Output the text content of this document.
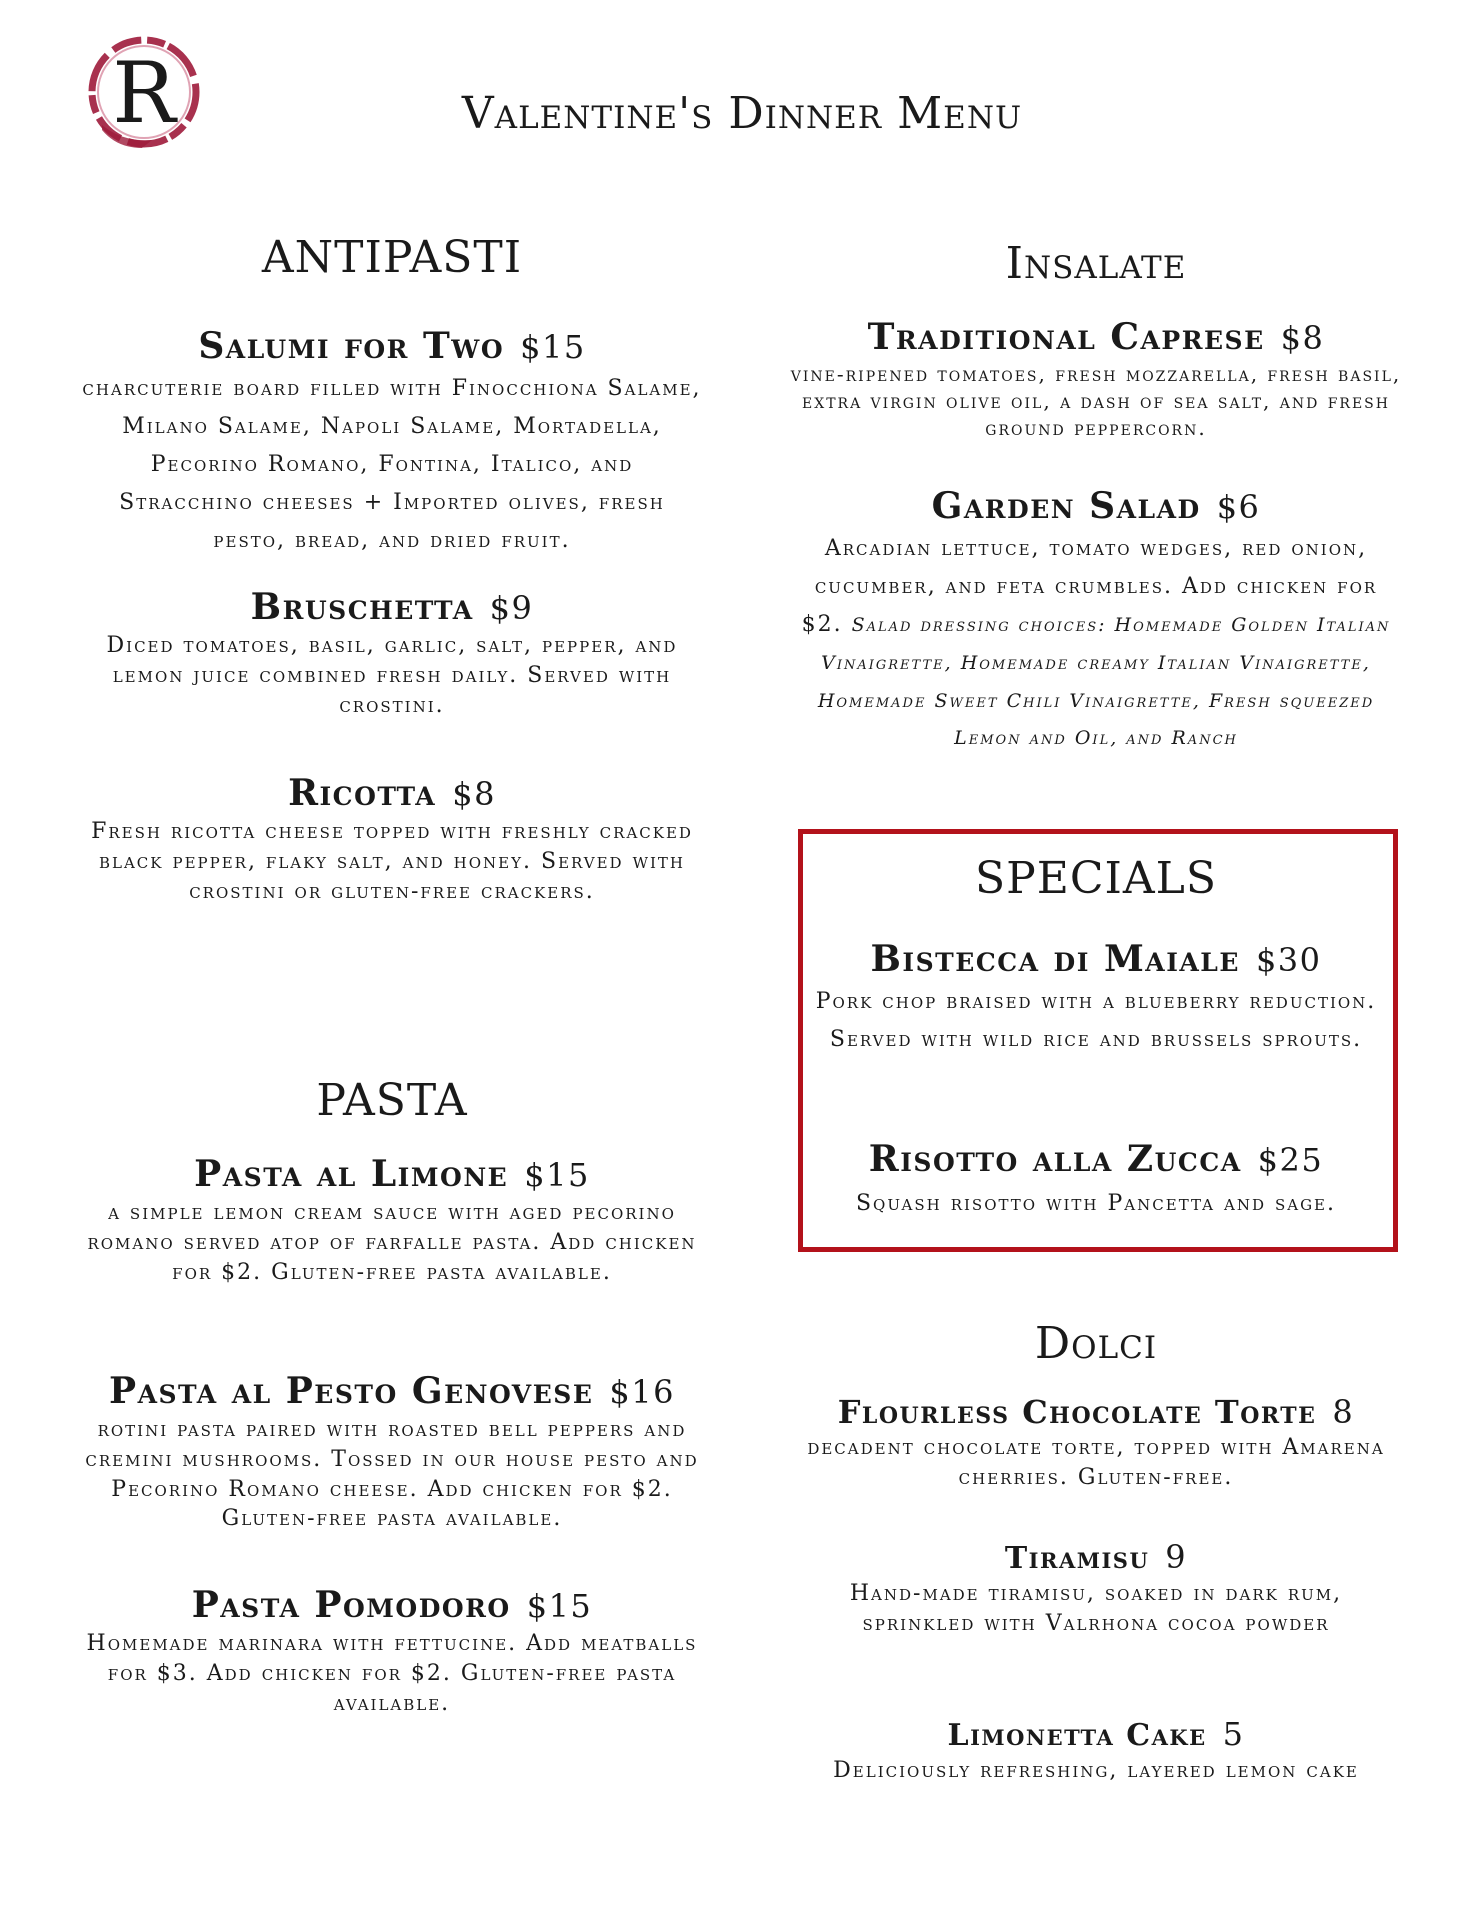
R	Valentine's Dinner Menu
ANTIPASTI

Salumi for Two $15

charcuterie board filled with Finocchiona Salame, Milano Salame, Napoli Salame, Mortadella, Pecorino Romano, Fontina, Italico, and Stracchino cheeses + Imported olives, fresh pesto, bread, and dried fruit.

Bruschetta $9

Diced tomatoes, basil, garlic, salt, pepper, and lemon juice combined fresh daily. Served with crostini.

Ricotta $8

Fresh ricotta cheese topped with freshly cracked black pepper, flaky salt, and honey. Served with crostini or gluten-free crackers.

PASTA

Pasta al Limone $15

a simple lemon cream sauce with aged pecorino romano served atop of farfalle pasta. Add chicken for $2. Gluten-free pasta available.

Pasta al Pesto Genovese $16

rotini pasta paired with roasted bell peppers and cremini mushrooms. Tossed in our house pesto and Pecorino Romano cheese. Add chicken for $2. Gluten-free pasta available.

Pasta Pomodoro $15

Homemade marinara with fettucine. Add meatballs for $3. Add chicken for $2. Gluten-free pasta available.

Insalate

Traditional Caprese $8

vine-ripened tomatoes, fresh mozzarella, fresh basil, extra virgin olive oil, a dash of sea salt, and fresh ground peppercorn.

Garden Salad $6

Arcadian lettuce, tomato wedges, red onion, cucumber, and feta crumbles. Add chicken for $2. Salad dressing choices: Homemade Golden Italian Vinaigrette, Homemade creamy Italian Vinaigrette, Homemade Sweet Chili Vinaigrette, Fresh squeezed Lemon and Oil, and Ranch

SPECIALS

Bistecca di Maiale $30

Pork chop braised with a blueberry reduction. Served with wild rice and brussels sprouts.

Risotto alla Zucca $25

Squash risotto with Pancetta and sage.

Dolci

Flourless Chocolate Torte 8

decadent chocolate torte, topped with Amarena cherries. Gluten-free.

Tiramisu 9

Hand-made tiramisu, soaked in dark rum, sprinkled with Valrhona cocoa powder

Limonetta Cake 5

Deliciously refreshing, layered lemon cake
